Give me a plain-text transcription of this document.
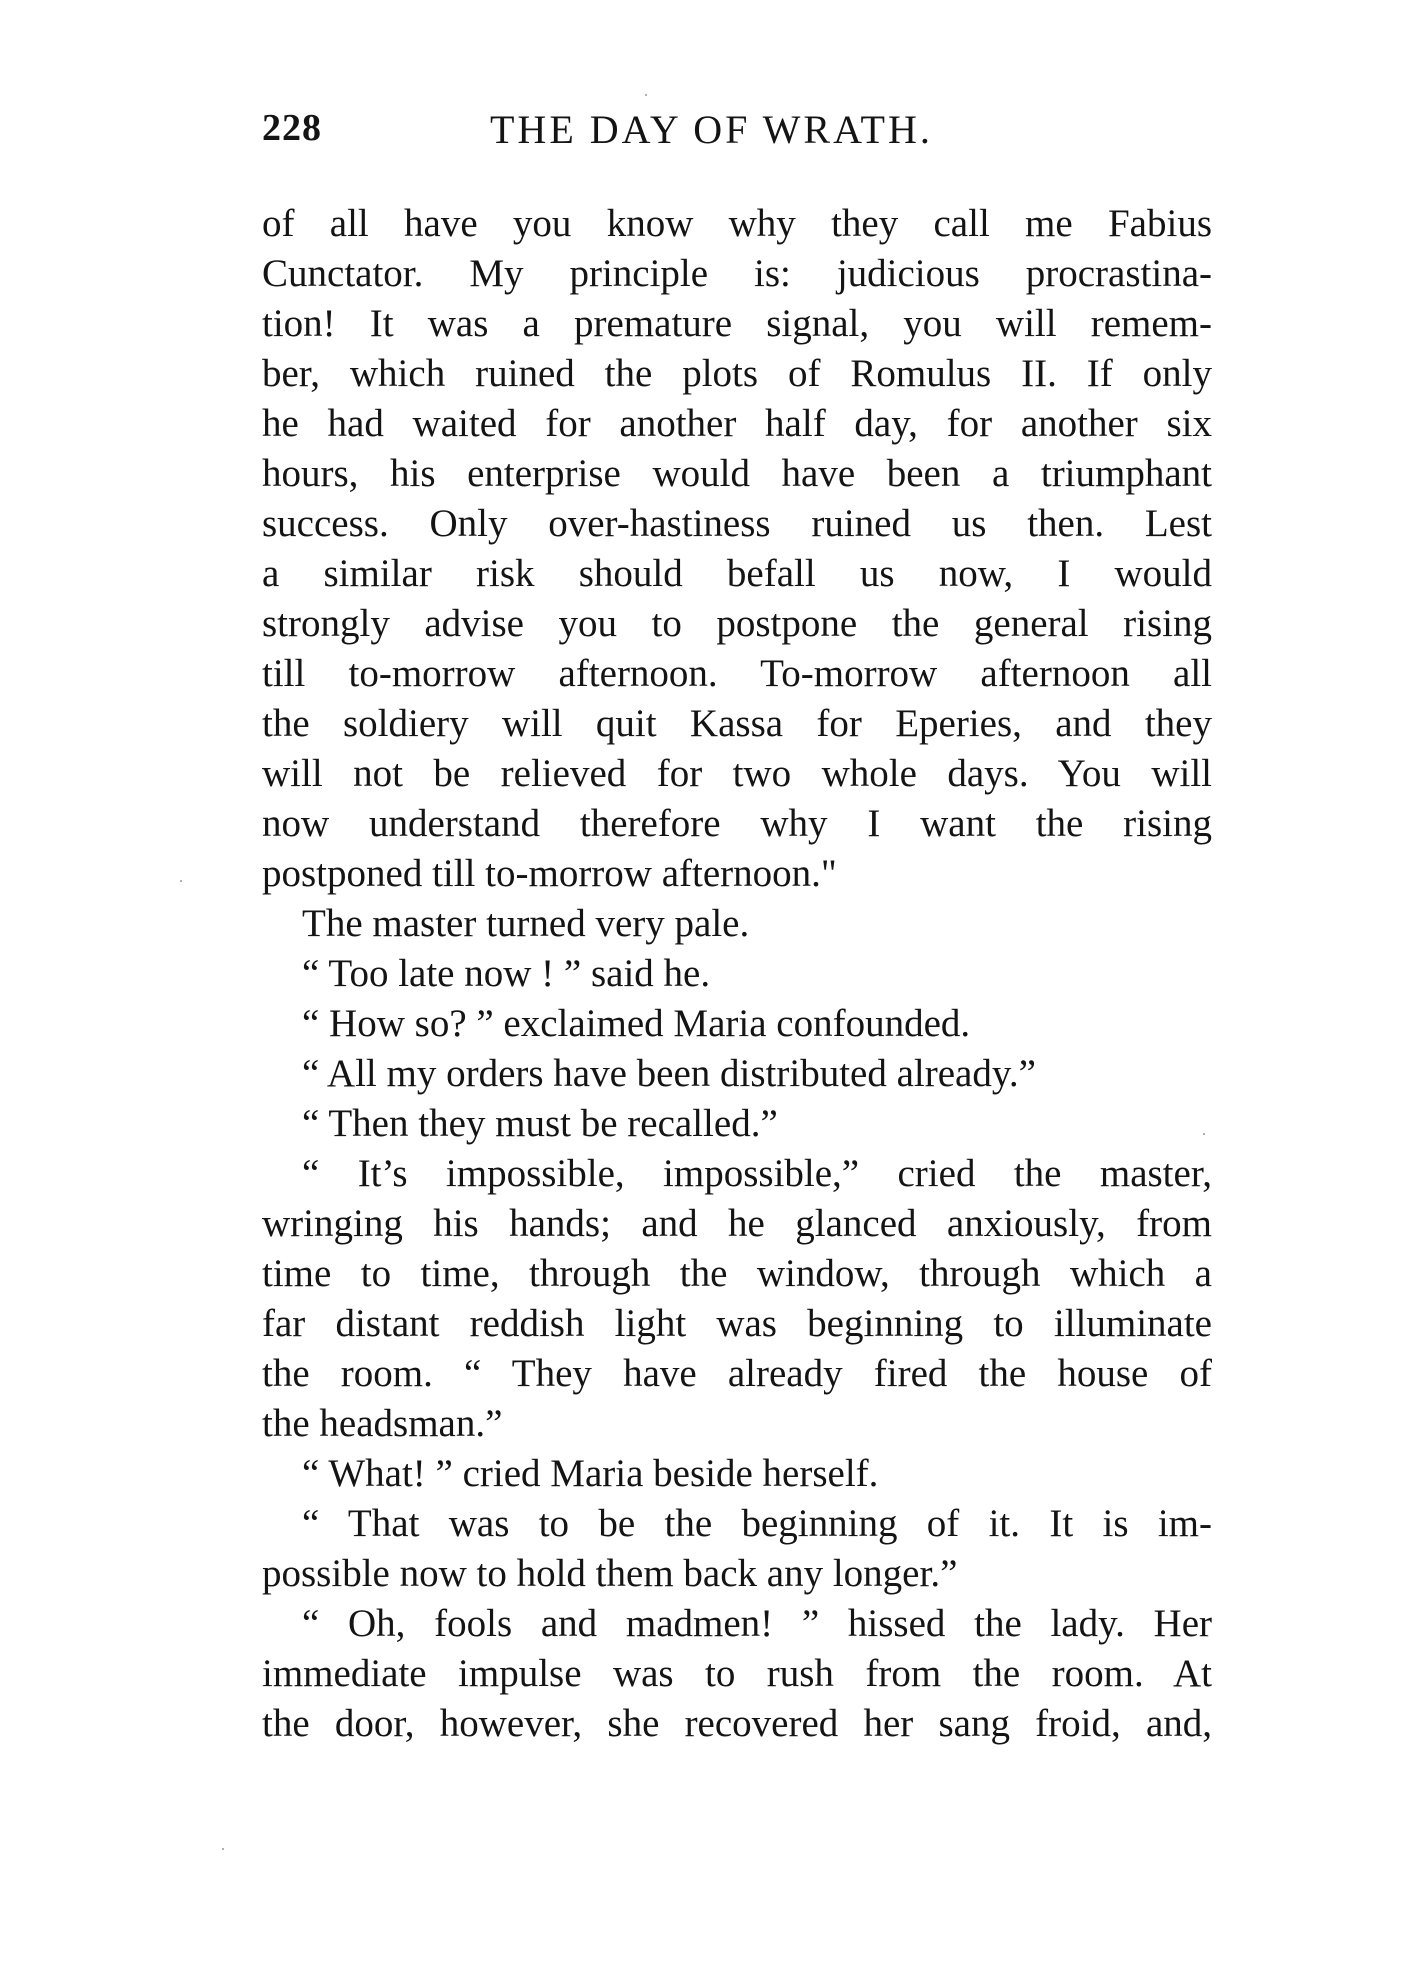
228	THE DAY OF WRATH.
of all have you know why they call me Fabius
Cunctator. My principle is: judicious procrastina-
tion! It was a premature signal, you will remem-
ber, which ruined the plots of Romulus II. If only
he had waited for another half day, for another six
hours, his enterprise would have been a triumphant
success. Only over-hastiness ruined us then. Lest
a similar risk should befall us now, I would
strongly advise you to postpone the general rising
till to-morrow afternoon. To-morrow afternoon all
the soldiery will quit Kassa for Eperies, and they
will not be relieved for two whole days. You will
now understand therefore why I want the rising
postponed till to-morrow afternoon."
The master turned very pale.
“ Too late now ! ” said he.
“ How so? ” exclaimed Maria confounded.
“ All my orders have been distributed already.”
“ Then they must be recalled.”
“ It’s impossible, impossible,” cried the master,
wringing his hands; and he glanced anxiously, from
time to time, through the window, through which a
far distant reddish light was beginning to illuminate
the room. “ They have already fired the house of
the headsman.”
“ What! ” cried Maria beside herself.
“ That was to be the beginning of it. It is im-
possible now to hold them back any longer.”
“ Oh, fools and madmen! ” hissed the lady. Her
immediate impulse was to rush from the room. At
the door, however, she recovered her sang froid, and,
